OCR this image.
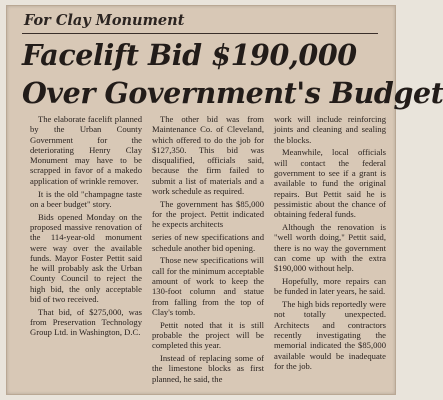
For Clay Monument
Facelift Bid $190,000
Over Government's Budget

The elaborate facelift planned by the Urban County Government for the deteriorating Henry Clay Monument may have to be scrapped in favor of a makedo application of wrinkle remover.

It is the old "champagne taste on a beer budget" story.

Bids opened Monday on the proposed massive renovation of the 114-year-old monument were way over the available funds. Mayor Foster Pettit said he will probably ask the Urban County Council to reject the high bid, the only acceptable bid of two received.

That bid, of $275,000, was from Preservation Technology Group Ltd. in Washington, D.C.

The other bid was from Maintenance Co. of Cleveland, which offered to do the job for $127,350. This bid was disqualified, officials said, because the firm failed to submit a list of materials and a work schedule as required.

The government has $85,000 for the project. Pettit indicated he expects architects

series of new specifications and schedule another bid opening.

Those new specifications will call for the minimum acceptable amount of work to keep the 130-foot column and statue from falling from the top of Clay's tomb.

Pettit noted that it is still probable the project will be completed this year.

Instead of replacing some of the limestone blocks as first planned, he said, the

work will include reinforcing joints and cleaning and sealing the blocks.

Meanwhile, local officials will contact the federal government to see if a grant is available to fund the original repairs. But Pettit said he is pessimistic about the chance of obtaining federal funds.

Although the renovation is "well worth doing," Pettit said, there is no way the government can come up with the extra $190,000 without help.

Hopefully, more repairs can be funded in later years, he said.

The high bids reportedly were not totally unexpected. Architects and contractors recently investigating the memorial indicated the $85,000 available would be inadequate for the job.
